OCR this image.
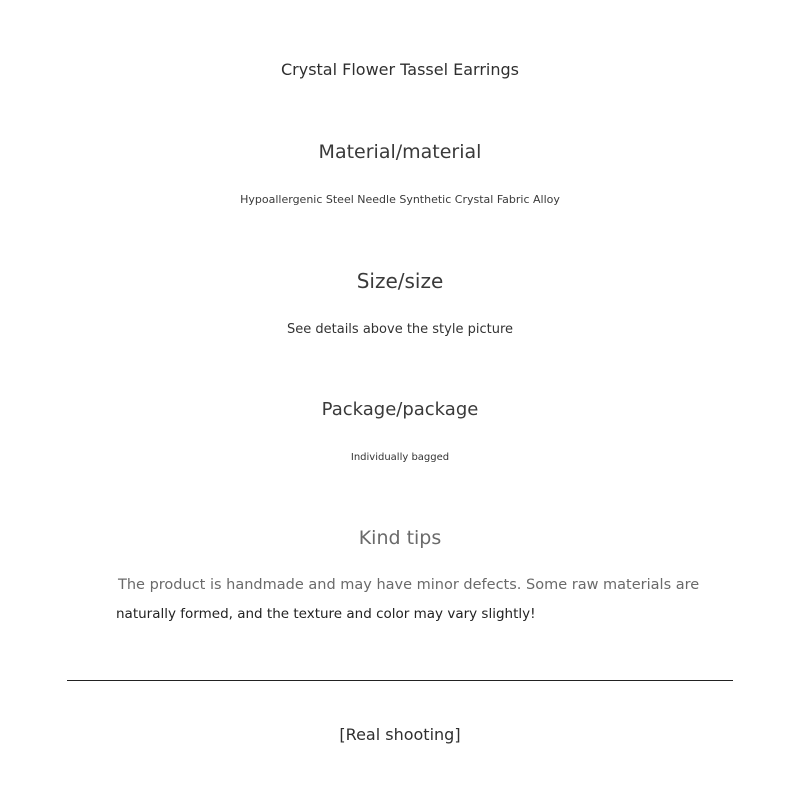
Crystal Flower Tassel Earrings
Material/material
Hypoallergenic Steel Needle Synthetic Crystal Fabric Alloy
Size/size
See details above the style picture
Package/package
Individually bagged
Kind tips
The product is handmade and may have minor defects. Some raw materials are
naturally formed, and the texture and color may vary slightly!
[Real shooting]
